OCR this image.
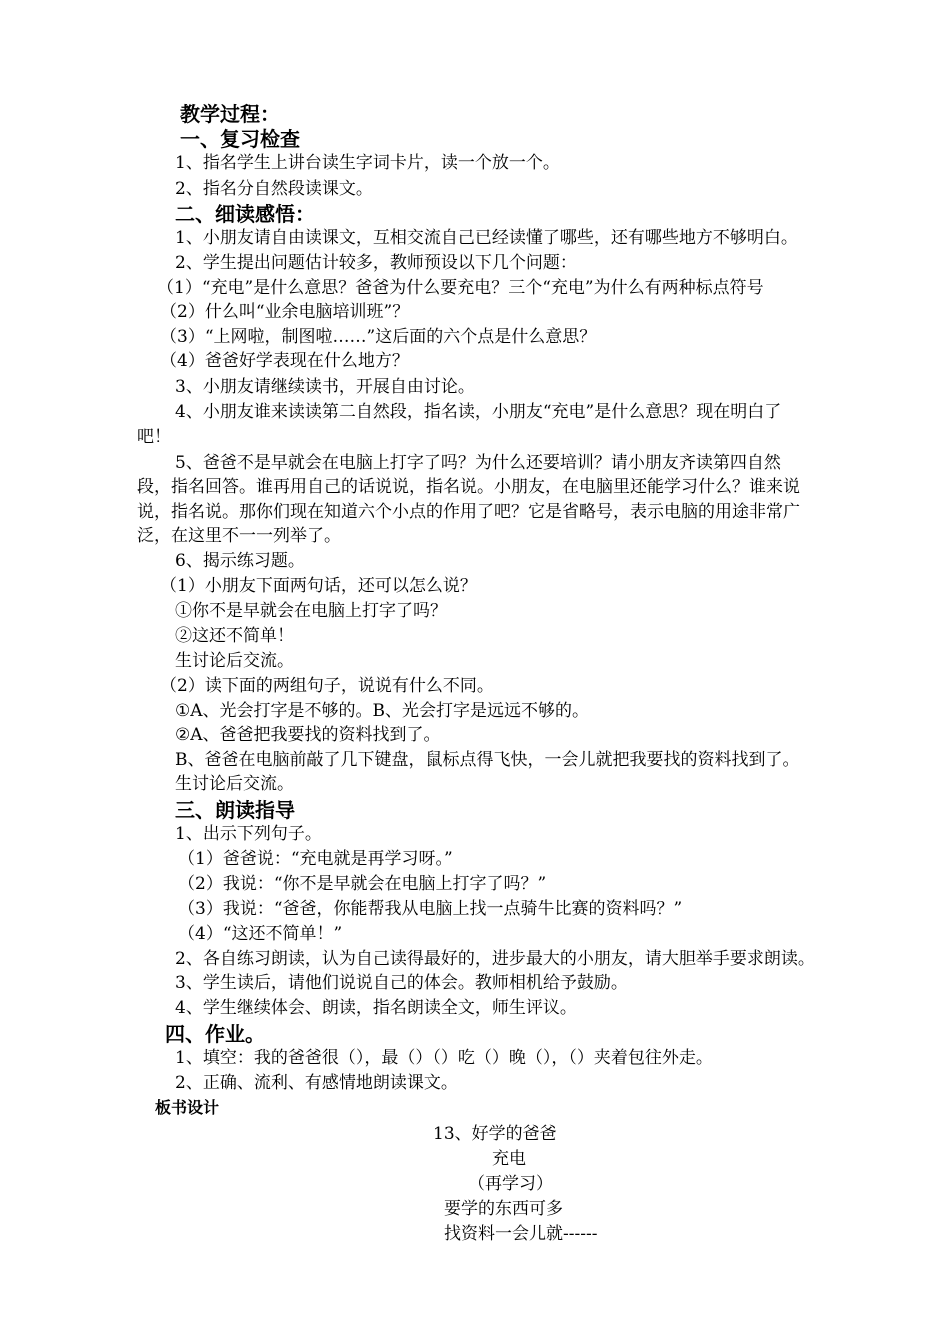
教学过程：
一、复习检查
1、指名学生上讲台读生字词卡片，读一个放一个。
2、指名分自然段读课文。
二、细读感悟：
1、小朋友请自由读课文，互相交流自己已经读懂了哪些，还有哪些地方不够明白。
2、学生提出问题估计较多，教师预设以下几个问题：
（1）“充电”是什么意思？爸爸为什么要充电？三个“充电”为什么有两种标点符号
（2）什么叫“业余电脑培训班”？
（3）“上网啦，制图啦……”这后面的六个点是什么意思？
（4）爸爸好学表现在什么地方？
3、小朋友请继续读书，开展自由讨论。
4、小朋友谁来读读第二自然段，指名读，小朋友“充电”是什么意思？现在明白了
吧！
5、爸爸不是早就会在电脑上打字了吗？为什么还要培训？请小朋友齐读第四自然
段，指名回答。谁再用自己的话说说，指名说。小朋友，在电脑里还能学习什么？谁来说
说，指名说。那你们现在知道六个小点的作用了吧？它是省略号，表示电脑的用途非常广
泛，在这里不一一列举了。
6、揭示练习题。
（1）小朋友下面两句话，还可以怎么说？
①你不是早就会在电脑上打字了吗？
②这还不简单！
生讨论后交流。
（2）读下面的两组句子，说说有什么不同。
①A、光会打字是不够的。B、光会打字是远远不够的。
②A、爸爸把我要找的资料找到了。
B、爸爸在电脑前敲了几下键盘，鼠标点得飞快，一会儿就把我要找的资料找到了。
生讨论后交流。
三、朗读指导
1、出示下列句子。
（1）爸爸说：“充电就是再学习呀。”
（2）我说：“你不是早就会在电脑上打字了吗？”
（3）我说：“爸爸，你能帮我从电脑上找一点骑牛比赛的资料吗？”
（4）“这还不简单！”
2、各自练习朗读，认为自己读得最好的，进步最大的小朋友，请大胆举手要求朗读。
3、学生读后，请他们说说自己的体会。教师相机给予鼓励。
4、学生继续体会、朗读，指名朗读全文，师生评议。
四、作业。
1、填空：我的爸爸很（），最（）（）吃（）晚（），（）夹着包往外走。
2、正确、流利、有感情地朗读课文。
板书设计
13、好学的爸爸
充电
（再学习）
要学的东西可多
找资料一会儿就------
